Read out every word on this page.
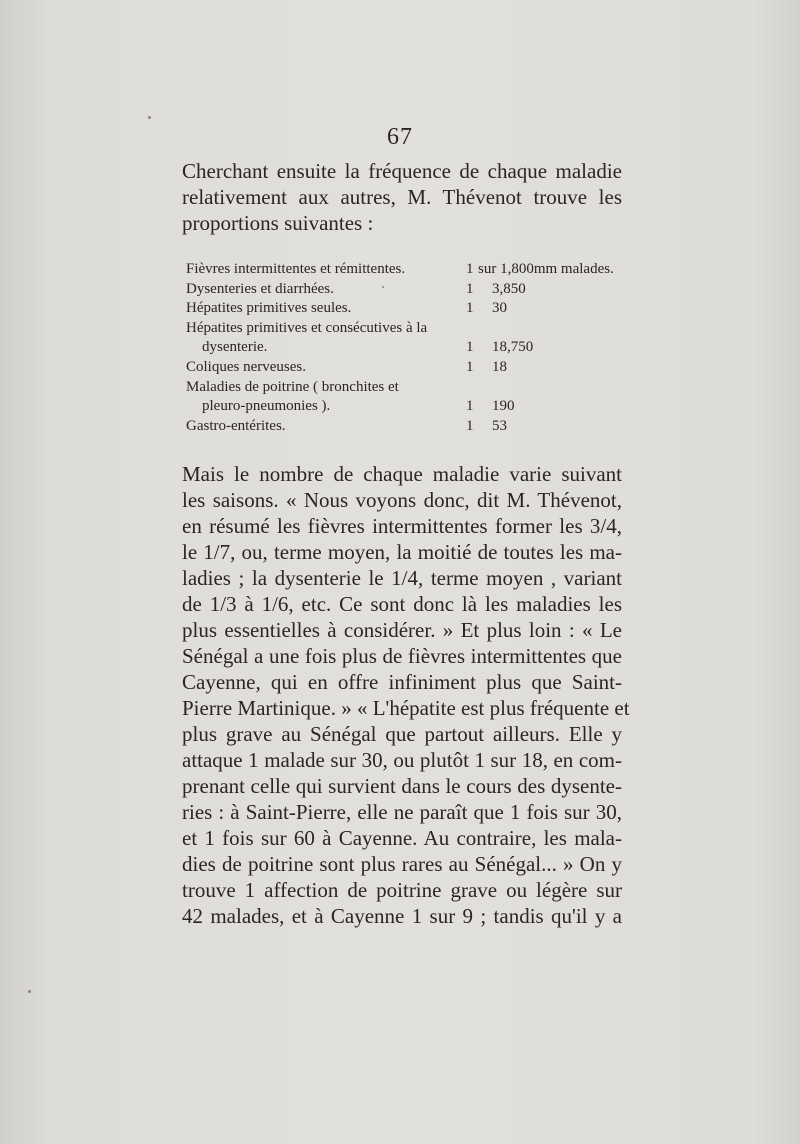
67

Cherchant ensuite la fréquence de chaque maladie
relativement aux autres, M. Thévenot trouve les
proportions suivantes :

Fièvres intermittentes et rémittentes.	1 sur 1,800mm malades.
Dysenteries et diarrhées.	1 3,850
Hépatites primitives seules.	1 30
Hépatites primitives et consécutives à la
dysenterie.	1 18,750
Coliques nerveuses.	1 18
Maladies de poitrine ( bronchites et
pleuro-pneumonies ).	1 190
Gastro-entérites.	1 53

Mais le nombre de chaque maladie varie suivant
les saisons. « Nous voyons donc, dit M. Thévenot,
en résumé les fièvres intermittentes former les 3/4,
le 1/7, ou, terme moyen, la moitié de toutes les ma-
ladies ; la dysenterie le 1/4, terme moyen , variant
de 1/3 à 1/6, etc. Ce sont donc là les maladies les
plus essentielles à considérer. » Et plus loin : « Le
Sénégal a une fois plus de fièvres intermittentes que
Cayenne, qui en offre infiniment plus que Saint-
Pierre Martinique. » « L'hépatite est plus fréquente et
plus grave au Sénégal que partout ailleurs. Elle y
attaque 1 malade sur 30, ou plutôt 1 sur 18, en com-
prenant celle qui survient dans le cours des dysente-
ries : à Saint-Pierre, elle ne paraît que 1 fois sur 30,
et 1 fois sur 60 à Cayenne. Au contraire, les mala-
dies de poitrine sont plus rares au Sénégal... » On y
trouve 1 affection de poitrine grave ou légère sur
42 malades, et à Cayenne 1 sur 9 ; tandis qu'il y a
